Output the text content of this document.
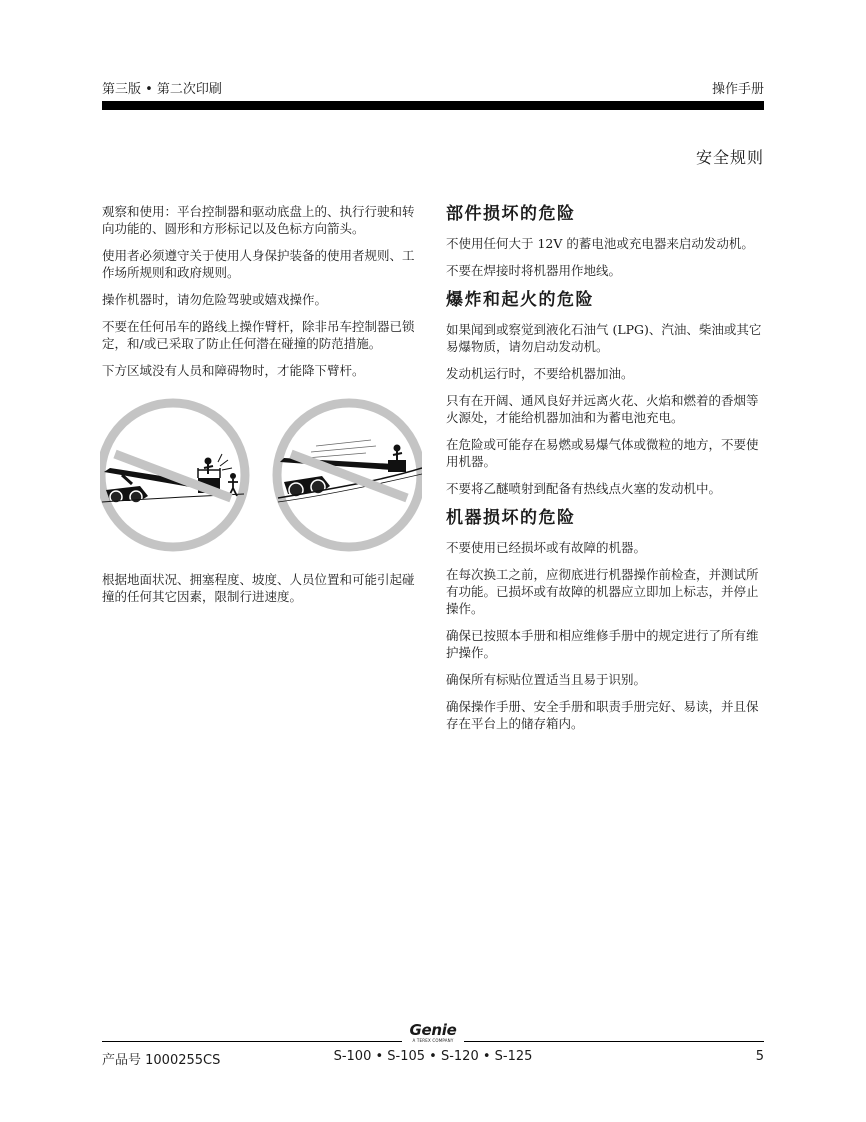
第三版 • 第二次印刷	操作手册
安全规则

观察和使用：平台控制器和驱动底盘上的、执行行驶和转向功能的、圆形和方形标记以及色标方向箭头。

使用者必须遵守关于使用人身保护装备的使用者规则、工作场所规则和政府规则。

操作机器时，请勿危险驾驶或嬉戏操作。

不要在任何吊车的路线上操作臂杆，除非吊车控制器已锁定，和/或已采取了防止任何潜在碰撞的防范措施。

下方区域没有人员和障碍物时，才能降下臂杆。

根据地面状况、拥塞程度、坡度、人员位置和可能引起碰撞的任何其它因素，限制行进速度。
部件损坏的危险

不使用任何大于 12V 的蓄电池或充电器来启动发动机。

不要在焊接时将机器用作地线。

爆炸和起火的危险

如果闻到或察觉到液化石油气 (LPG)、汽油、柴油或其它易爆物质，请勿启动发动机。

发动机运行时，不要给机器加油。

只有在开阔、通风良好并远离火花、火焰和燃着的香烟等火源处，才能给机器加油和为蓄电池充电。

在危险或可能存在易燃或易爆气体或微粒的地方，不要使用机器。

不要将乙醚喷射到配备有热线点火塞的发动机中。

机器损坏的危险

不要使用已经损坏或有故障的机器。

在每次换工之前，应彻底进行机器操作前检查，并测试所有功能。已损坏或有故障的机器应立即加上标志，并停止操作。

确保已按照本手册和相应维修手册中的规定进行了所有维护操作。

确保所有标贴位置适当且易于识别。

确保操作手册、安全手册和职责手册完好、易读，并且保存在平台上的储存箱内。

Genie
A TEREX COMPANY
产品号 1000255CS	S-100 • S-105 • S-120 • S-125	5
